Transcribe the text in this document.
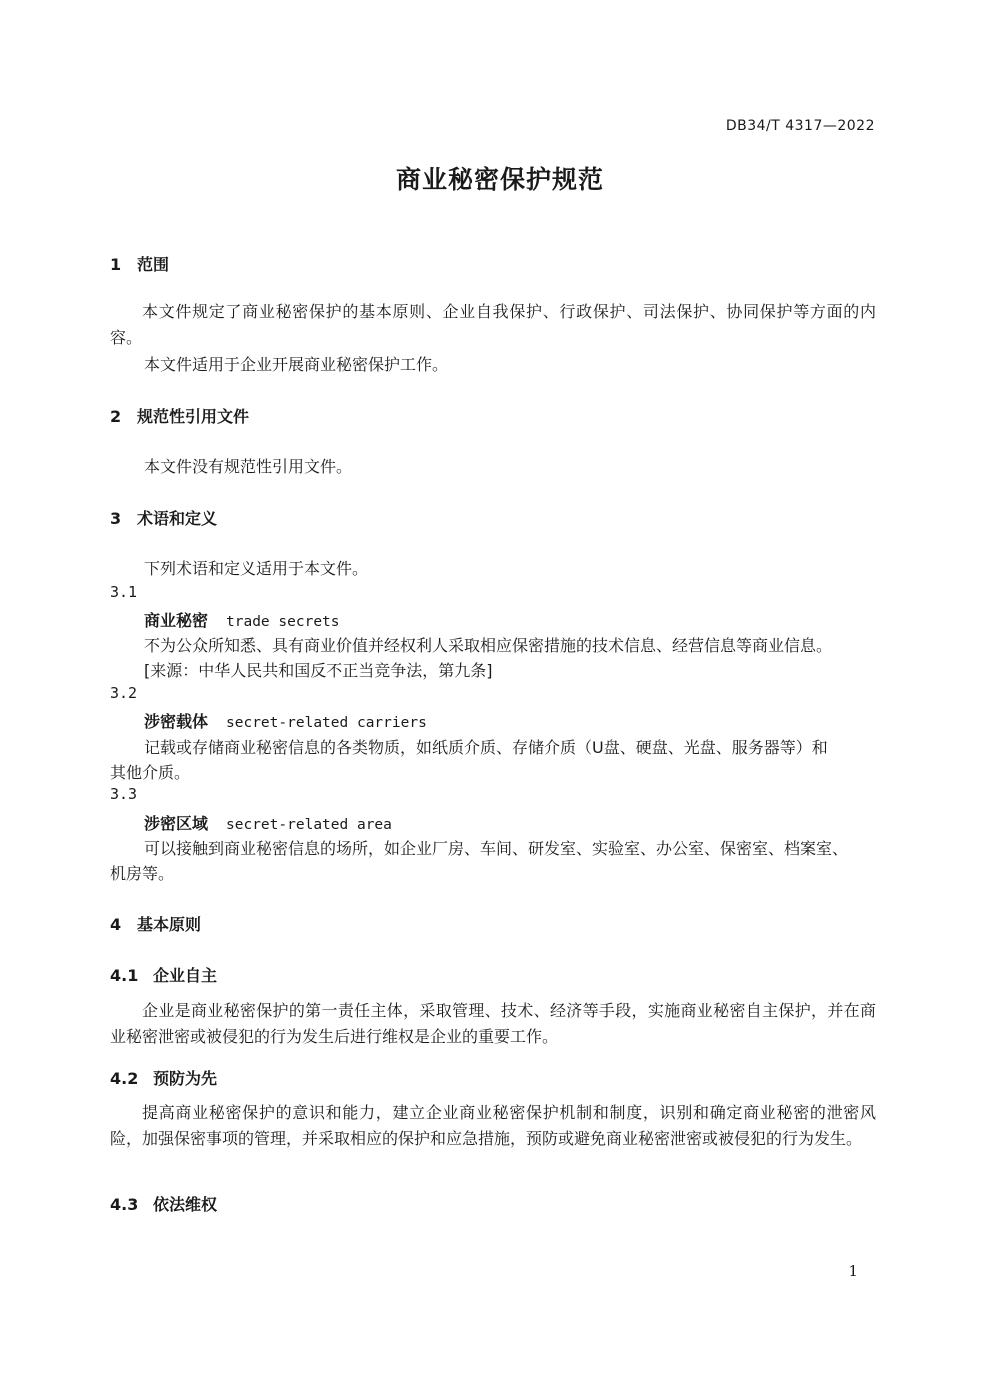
DB34/T 4317—2022
商业秘密保护规范
1 范围
本文件规定了商业秘密保护的基本原则、企业自我保护、行政保护、司法保护、协同保护等方面的内容。
本文件适用于企业开展商业秘密保护工作。
2 规范性引用文件
本文件没有规范性引用文件。
3 术语和定义
下列术语和定义适用于本文件。
3.1
商业秘密 trade secrets
不为公众所知悉、具有商业价值并经权利人采取相应保密措施的技术信息、经营信息等商业信息。
[来源：中华人民共和国反不正当竞争法，第九条]
3.2
涉密载体 secret-related carriers
记载或存储商业秘密信息的各类物质，如纸质介质、存储介质（U盘、硬盘、光盘、服务器等）和
其他介质。
3.3
涉密区域 secret-related area
可以接触到商业秘密信息的场所，如企业厂房、车间、研发室、实验室、办公室、保密室、档案室、
机房等。
4 基本原则
4.1 企业自主
企业是商业秘密保护的第一责任主体，采取管理、技术、经济等手段，实施商业秘密自主保护，并在商业秘密泄密或被侵犯的行为发生后进行维权是企业的重要工作。
4.2 预防为先
提高商业秘密保护的意识和能力，建立企业商业秘密保护机制和制度，识别和确定商业秘密的泄密风险，加强保密事项的管理，并采取相应的保护和应急措施，预防或避免商业秘密泄密或被侵犯的行为发生。
4.3 依法维权
1
